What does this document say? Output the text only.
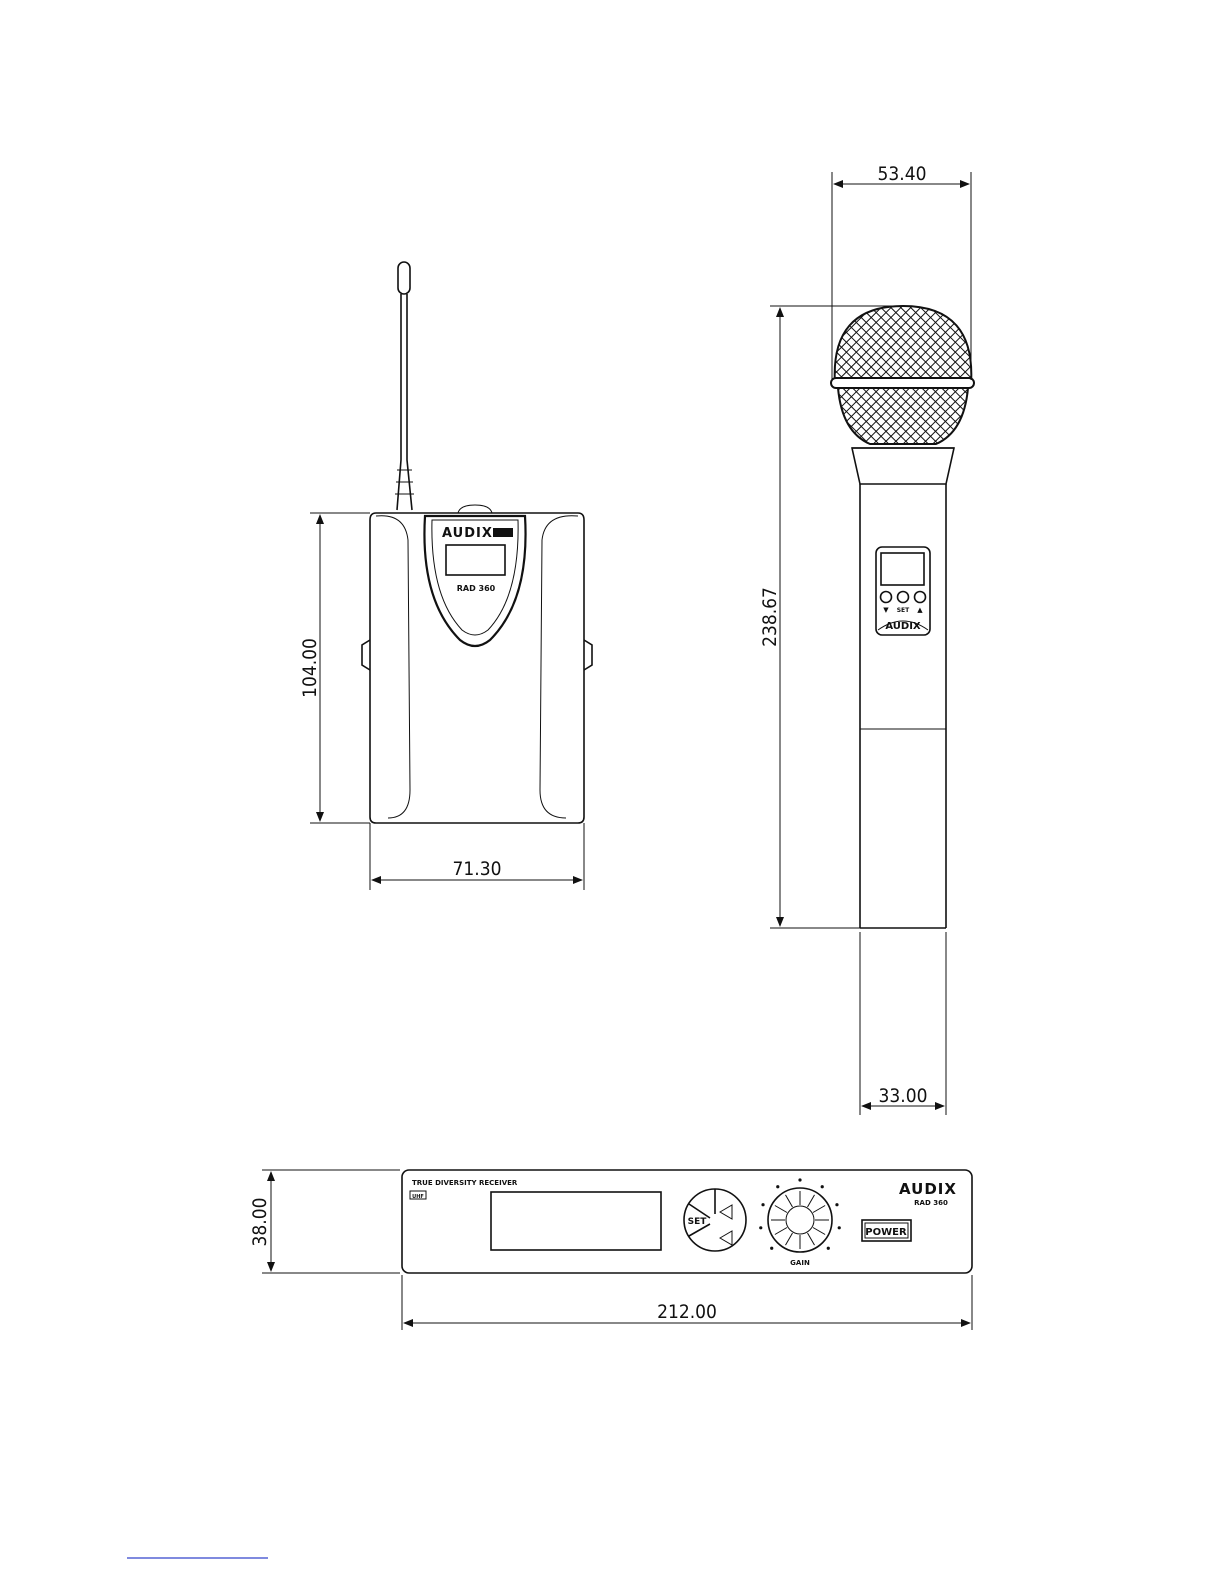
AUDIX
RAD 360
104.00
71.30
▼ SET ▲
AUDIX
53.40
238.67
33.00
TRUE DIVERSITY RECEIVER
UHF
SET
GAIN
POWER
AUDIX
RAD 360
38.00
212.00
